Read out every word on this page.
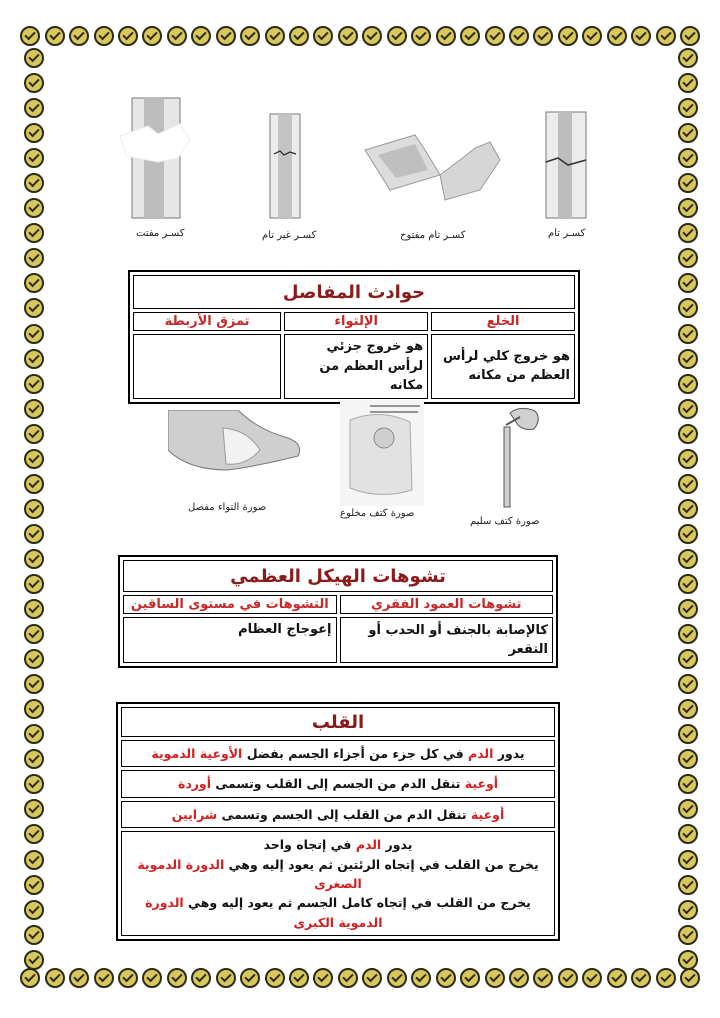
كسـر تام
كسـر تام مفتوح
كسـر غير تام
كسـر مفتت
حوادث المفاصل		
الخلع	الإلتواء	تمزق الأربطة
هو خروج كلي لرأس العظم من مكانه	هو خروج جزئي لرأس العظم من مكانه	
صورة كتف سليم
صورة كتف مخلوع
صورة التواء مفصل
تشوهات الهيكل العظمي	
تشوهات العمود الفقري	التشوهات في مستوى الساقين
كالإصابة بالجنف أو الحدب أو التقعر	إعوجاج العظام
القلب
يدور الدم في كل جزء من أجزاء الجسم بفضل الأوعية الدموية
أوعية تنقل الدم من الجسم إلى القلب وتسمى أوردة
أوعية تنقل الدم من القلب إلى الجسم وتسمى شرايين

يدور الدم في إتجاه واحد
يخرج من القلب في إتجاه الرئتين ثم يعود إليه وهي الدورة الدموية الصغرى
يخرج من القلب في إتجاه كامل الجسم ثم يعود إليه وهي الدورة الدموية الكبرى
